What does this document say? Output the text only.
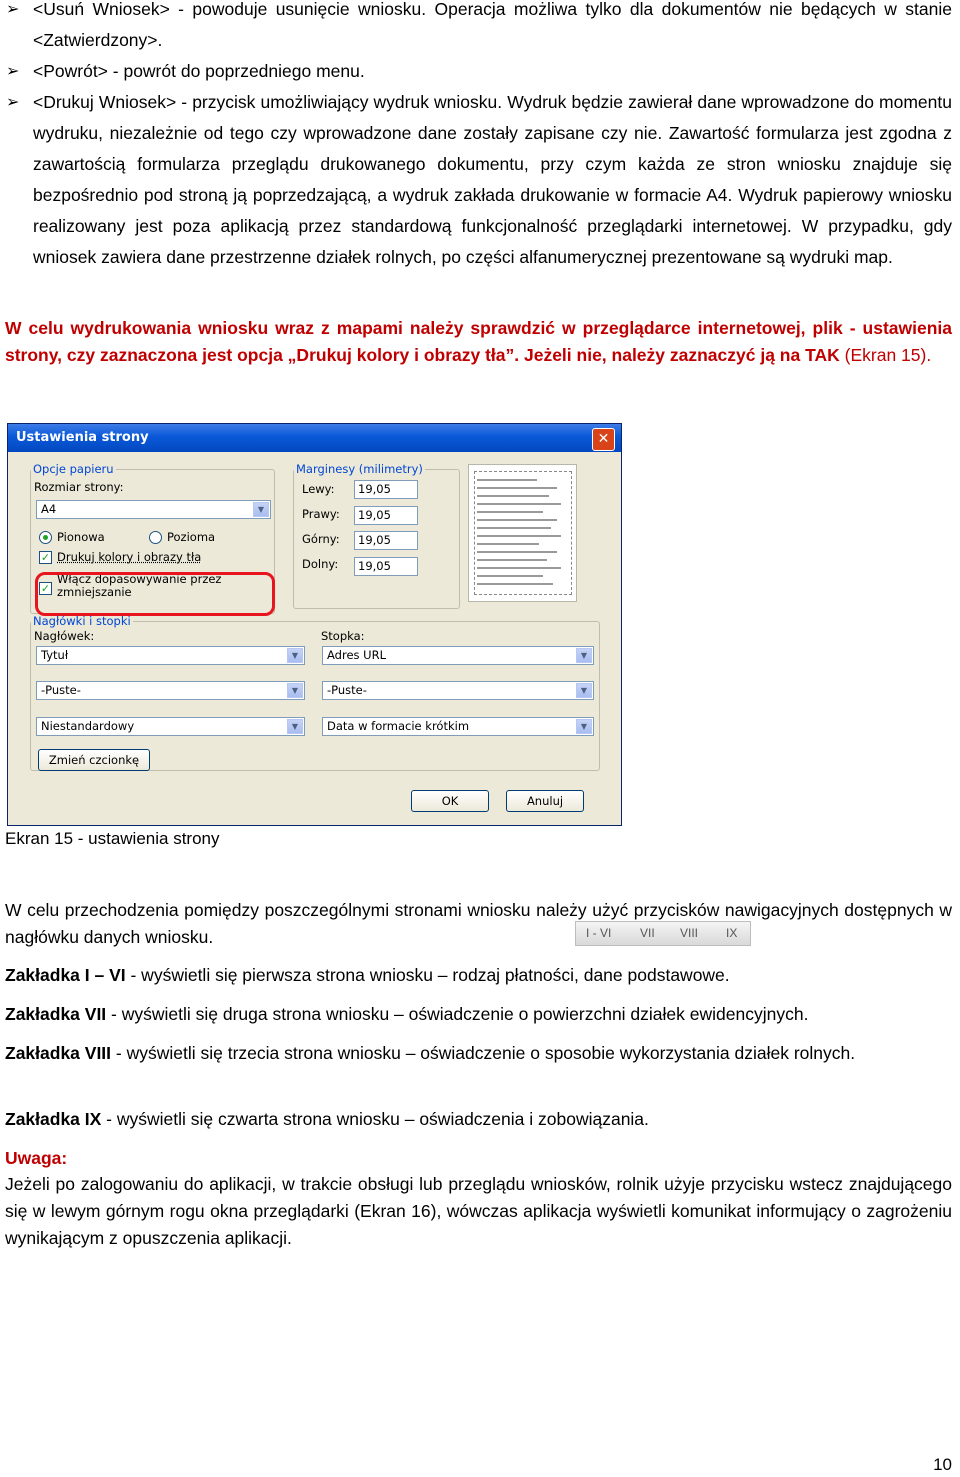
➢ <Usuń Wniosek> - powoduje usunięcie wniosku. Operacja możliwa tylko dla dokumentów nie będących w stanie <Zatwierdzony>.
➢ <Powrót> - powrót do poprzedniego menu.
➢ <Drukuj Wniosek> - przycisk umożliwiający wydruk wniosku. Wydruk będzie zawierał dane wprowadzone do momentu wydruku, niezależnie od tego czy wprowadzone dane zostały zapisane czy nie. Zawartość formularza jest zgodna z zawartością formularza przeglądu drukowanego dokumentu, przy czym każda ze stron wniosku znajduje się bezpośrednio pod stroną ją poprzedzającą, a wydruk zakłada drukowanie w formacie A4. Wydruk papierowy wniosku realizowany jest poza aplikacją przez standardową funkcjonalność przeglądarki internetowej. W przypadku, gdy wniosek zawiera dane przestrzenne działek rolnych, po części alfanumerycznej prezentowane są wydruki map.
W celu wydrukowania wniosku wraz z mapami należy sprawdzić w przeglądarce internetowej, plik - ustawienia strony, czy zaznaczona jest opcja „Drukuj kolory i obrazy tła”. Jeżeli nie, należy zaznaczyć ją na TAK (Ekran 15).
Ustawienia strony	✕
Opcje papieru
Rozmiar strony:
A4	▼
Pionowa	Pozioma
✓ Drukuj kolory i obrazy tła
✓
Włącz dopasowywanie przez zmniejszanie
Marginesy (milimetry)
Lewy:	19,05
Prawy:	19,05
Górny:	19,05
Dolny:	19,05
Nagłówki i stopki
Nagłówek:	Stopka:
Tytuł	▼	Adres URL	▼
-Puste-	▼	-Puste-	▼
Niestandardowy	▼	Data w formacie krótkim	▼
Zmień czcionkę
OK	Anuluj
Ekran 15 - ustawienia strony
W celu przechodzenia pomiędzy poszczególnymi stronami wniosku należy użyć przycisków nawigacyjnych dostępnych w nagłówku danych wniosku.	I - VI VII VIII IX
Zakładka I – VI - wyświetli się pierwsza strona wniosku – rodzaj płatności, dane podstawowe.
Zakładka VII - wyświetli się druga strona wniosku – oświadczenie o powierzchni działek ewidencyjnych.
Zakładka VIII - wyświetli się trzecia strona wniosku – oświadczenie o sposobie wykorzystania działek rolnych.
Zakładka IX - wyświetli się czwarta strona wniosku – oświadczenia i zobowiązania.
Uwaga:
Jeżeli po zalogowaniu do aplikacji, w trakcie obsługi lub przeglądu wniosków, rolnik użyje przycisku wstecz znajdującego się w lewym górnym rogu okna przeglądarki (Ekran 16), wówczas aplikacja wyświetli komunikat informujący o zagrożeniu wynikającym z opuszczenia aplikacji.
10
